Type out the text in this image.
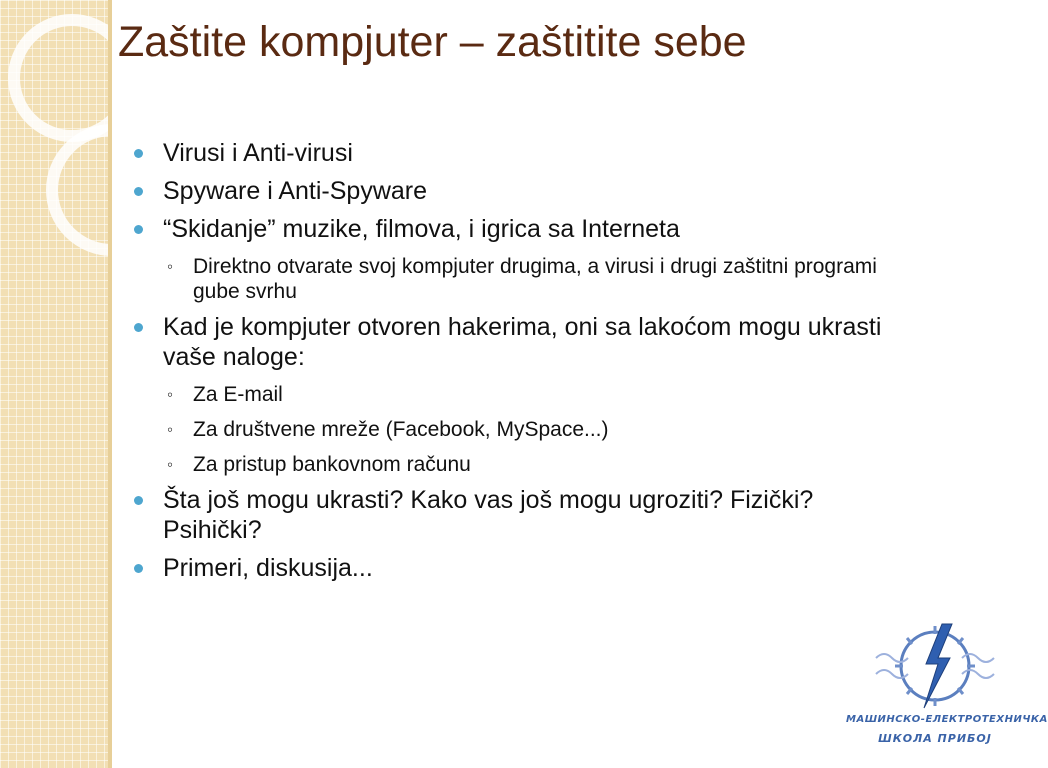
Zaštite kompjuter – zaštitite sebe
Virusi i Anti-virusi
Spyware i Anti-Spyware
“Skidanje” muzike, filmova, i igrica sa Interneta
◦ Direktno otvarate svoj kompjuter drugima, a virusi i drugi zaštitni programi gube svrhu
Kad je kompjuter otvoren hakerima, oni sa lakoćom mogu ukrasti vaše naloge:
◦ Za E-mail
◦ Za društvene mreže (Facebook, MySpace...)
◦ Za pristup bankovnom računu
Šta još mogu ukrasti? Kako vas još mogu ugroziti? Fizički? Psihički?
Primeri, diskusija...
МАШИНСКО-ЕЛЕКТРОТЕХНИЧКА
ШКОЛА ПРИБОЈ
